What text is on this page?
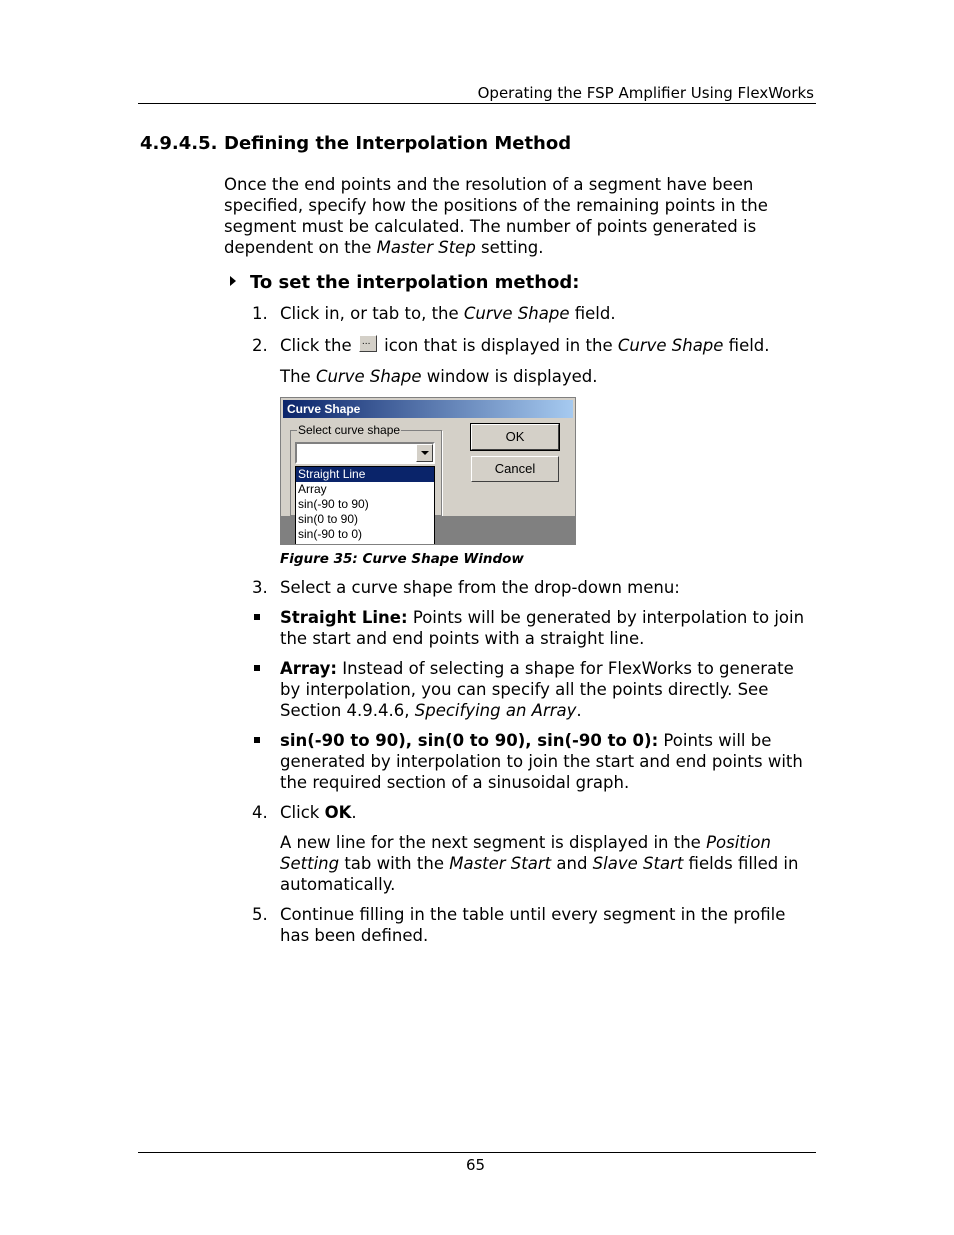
Operating the FSP Amplifier Using FlexWorks
4.9.4.5. Defining the Interpolation Method
Once the end points and the resolution of a segment have been specified, specify how the positions of the remaining points in the segment must be calculated. The number of points generated is dependent on the Master Step setting.
To set the interpolation method:
1. Click in, or tab to, the Curve Shape field.
2. Click the ... icon that is displayed in the Curve Shape field.
The Curve Shape window is displayed.
Curve Shape
Select curve shape	OK
Cancel
Straight Line
Array
sin(-90 to 90)
sin(0 to 90)
sin(-90 to 0)
Figure 35: Curve Shape Window
3. Select a curve shape from the drop-down menu:
Straight Line: Points will be generated by interpolation to join the start and end points with a straight line.
Array: Instead of selecting a shape for FlexWorks to generate by interpolation, you can specify all the points directly. See Section 4.9.4.6, Specifying an Array.
sin(-90 to 90), sin(0 to 90), sin(-90 to 0): Points will be generated by interpolation to join the start and end points with the required section of a sinusoidal graph.
4. Click OK.
A new line for the next segment is displayed in the Position Setting tab with the Master Start and Slave Start fields filled in automatically.
5. Continue filling in the table until every segment in the profile has been defined.
65
